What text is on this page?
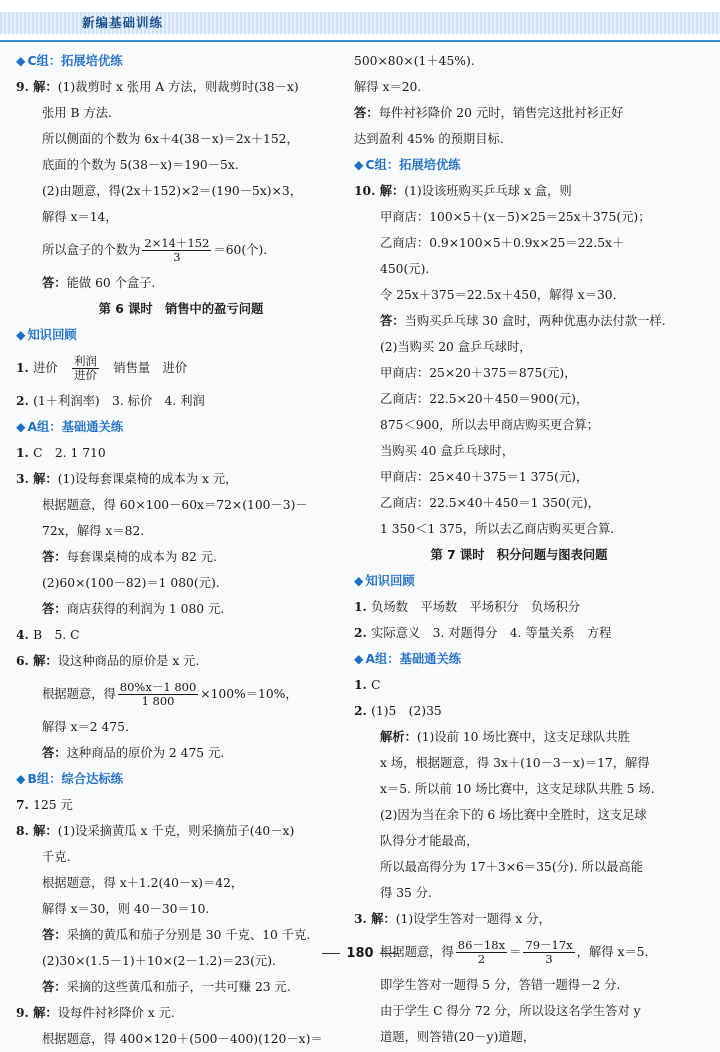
新编基础训练
◆ C组：拓展培优练
9. 解：(1)裁剪时 x 张用 A 方法，则裁剪时(38－x)
张用 B 方法.
所以侧面的个数为 6x＋4(38－x)＝2x＋152，
底面的个数为 5(38－x)＝190－5x.
(2)由题意，得(2x＋152)×2＝(190－5x)×3，
解得 x＝14，
所以盒子的个数为 $\frac{2\times 14+152}{3} =60$(个).
答：能做 60 个盒子.
第 6 课时　销售中的盈亏问题
◆ 知识回顾
1. 进价　 $\frac{\text{利润}}{\text{进价}}$ 　销售量　进价
2. (1＋利润率)　3. 标价　4. 利润
◆ A组：基础通关练
1. C　2. 1 710
3. 解：(1)设每套课桌椅的成本为 x 元，
根据题意，得 60×100－60x＝72×(100－3)－
72x，解得 x＝82.
答：每套课桌椅的成本为 82 元.
(2)60×(100－82)＝1 080(元).
答：商店获得的利润为 1 080 元.
4. B　5. C
6. 解：设这种商品的原价是 x 元.
根据题意，得 $\frac{80\%x-1 800}{1 800} \times 100\%=10\%$，
解得 x＝2 475.
答：这种商品的原价为 2 475 元.
◆ B组：综合达标练
7. 125 元
8. 解：(1)设采摘黄瓜 x 千克，则采摘茄子(40－x)
千克.
根据题意，得 x＋1.2(40－x)＝42，
解得 x＝30，则 40－30＝10.
答：采摘的黄瓜和茄子分别是 30 千克、10 千克.
(2)30×(1.5－1)＋10×(2－1.2)＝23(元).
答：采摘的这些黄瓜和茄子，一共可赚 23 元.
9. 解：设每件衬衫降价 x 元.
根据题意，得 400×120＋(500－400)(120－x)＝
500×80×(1＋45%).
解得 x＝20.
答：每件衬衫降价 20 元时，销售完这批衬衫正好
达到盈利 45% 的预期目标.
◆ C组：拓展培优练
10. 解：(1)设该班购买乒乓球 x 盒，则
甲商店：100×5＋(x－5)×25＝25x＋375(元)；
乙商店：0.9×100×5＋0.9x×25＝22.5x＋
450(元).
令 25x＋375＝22.5x＋450，解得 x＝30.
答：当购买乒乓球 30 盒时，两种优惠办法付款一样.
(2)当购买 20 盒乒乓球时，
甲商店：25×20＋375＝875(元)，
乙商店：22.5×20＋450＝900(元)，
875＜900，所以去甲商店购买更合算；
当购买 40 盒乒乓球时，
甲商店：25×40＋375＝1 375(元)，
乙商店：22.5×40＋450＝1 350(元)，
1 350＜1 375，所以去乙商店购买更合算.
第 7 课时　积分问题与图表问题
◆ 知识回顾
1. 负场数　平场数　平场积分　负场积分
2. 实际意义　3. 对题得分　4. 等量关系　方程
◆ A组：基础通关练
1. C
2. (1)5　(2)35
解析：(1)设前 10 场比赛中，这支足球队共胜
x 场，根据题意，得 3x＋(10－3－x)＝17，解得
x＝5. 所以前 10 场比赛中，这支足球队共胜 5 场.
(2)因为当在余下的 6 场比赛中全胜时，这支足球
队得分才能最高，
所以最高得分为 17＋3×6＝35(分). 所以最高能
得 35 分.
3. 解：(1)设学生答对一题得 x 分，
根据题意，得 $\frac{86-18x}{2} = \frac{79-17x}{3}$ ，解得 x＝5.
即学生答对一题得 5 分，答错一题得－2 分.
由于学生 C 得分 72 分，所以设这名学生答对 y
道题，则答错(20－y)道题，
180
